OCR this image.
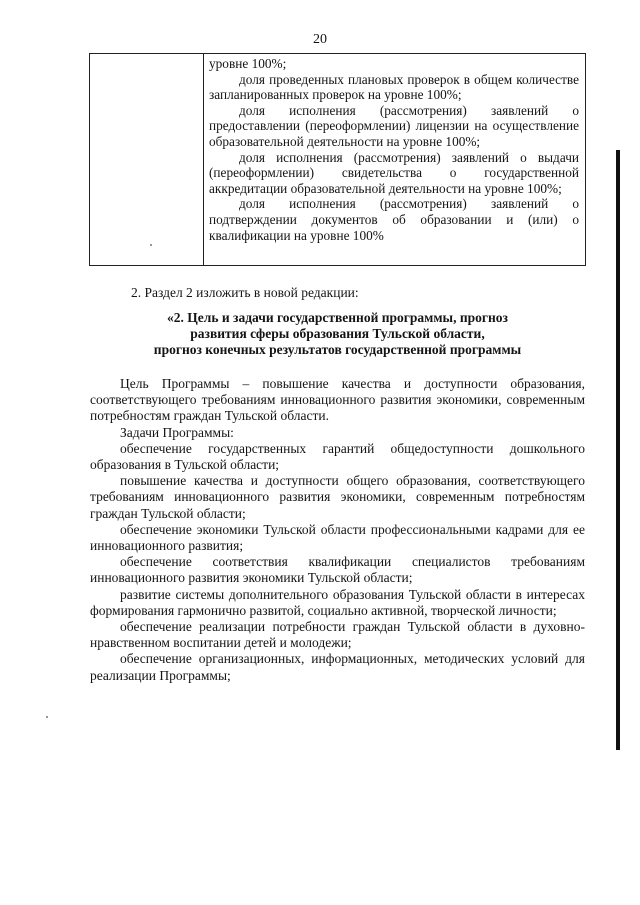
20

уровне 100%;

доля проведенных плановых проверок в общем количестве запланированных проверок на уровне 100%;

доля исполнения (рассмотрения) заявлений о предоставлении (переоформлении) лицензии на осуществление образовательной деятельности на уровне 100%;

доля исполнения (рассмотрения) заявлений о выдачи (переоформлении) свидетельства о государственной аккредитации образовательной деятельности на уровне 100%;

доля исполнения (рассмотрения) заявлений о подтверждении документов об образовании и (или) о квалификации на уровне 100%

2. Раздел 2 изложить в новой редакции:
«2. Цель и задачи государственной программы, прогноз
развития сферы образования Тульской области,
прогноз конечных результатов государственной программы

Цель Программы – повышение качества и доступности образования, соответствующего требованиям инновационного развития экономики, современным потребностям граждан Тульской области.

Задачи Программы:

обеспечение государственных гарантий общедоступности дошкольного образования в Тульской области;

повышение качества и доступности общего образования, соответствующего требованиям инновационного развития экономики, современным потребностям граждан Тульской области;

обеспечение экономики Тульской области профессиональными кадрами для ее инновационного развития;

обеспечение соответствия квалификации специалистов требованиям инновационного развития экономики Тульской области;

развитие системы дополнительного образования Тульской области в интересах формирования гармонично развитой, социально активной, творческой личности;

обеспечение реализации потребности граждан Тульской области в духовно-нравственном воспитании детей и молодежи;

обеспечение организационных, информационных, методических условий для реализации Программы;
